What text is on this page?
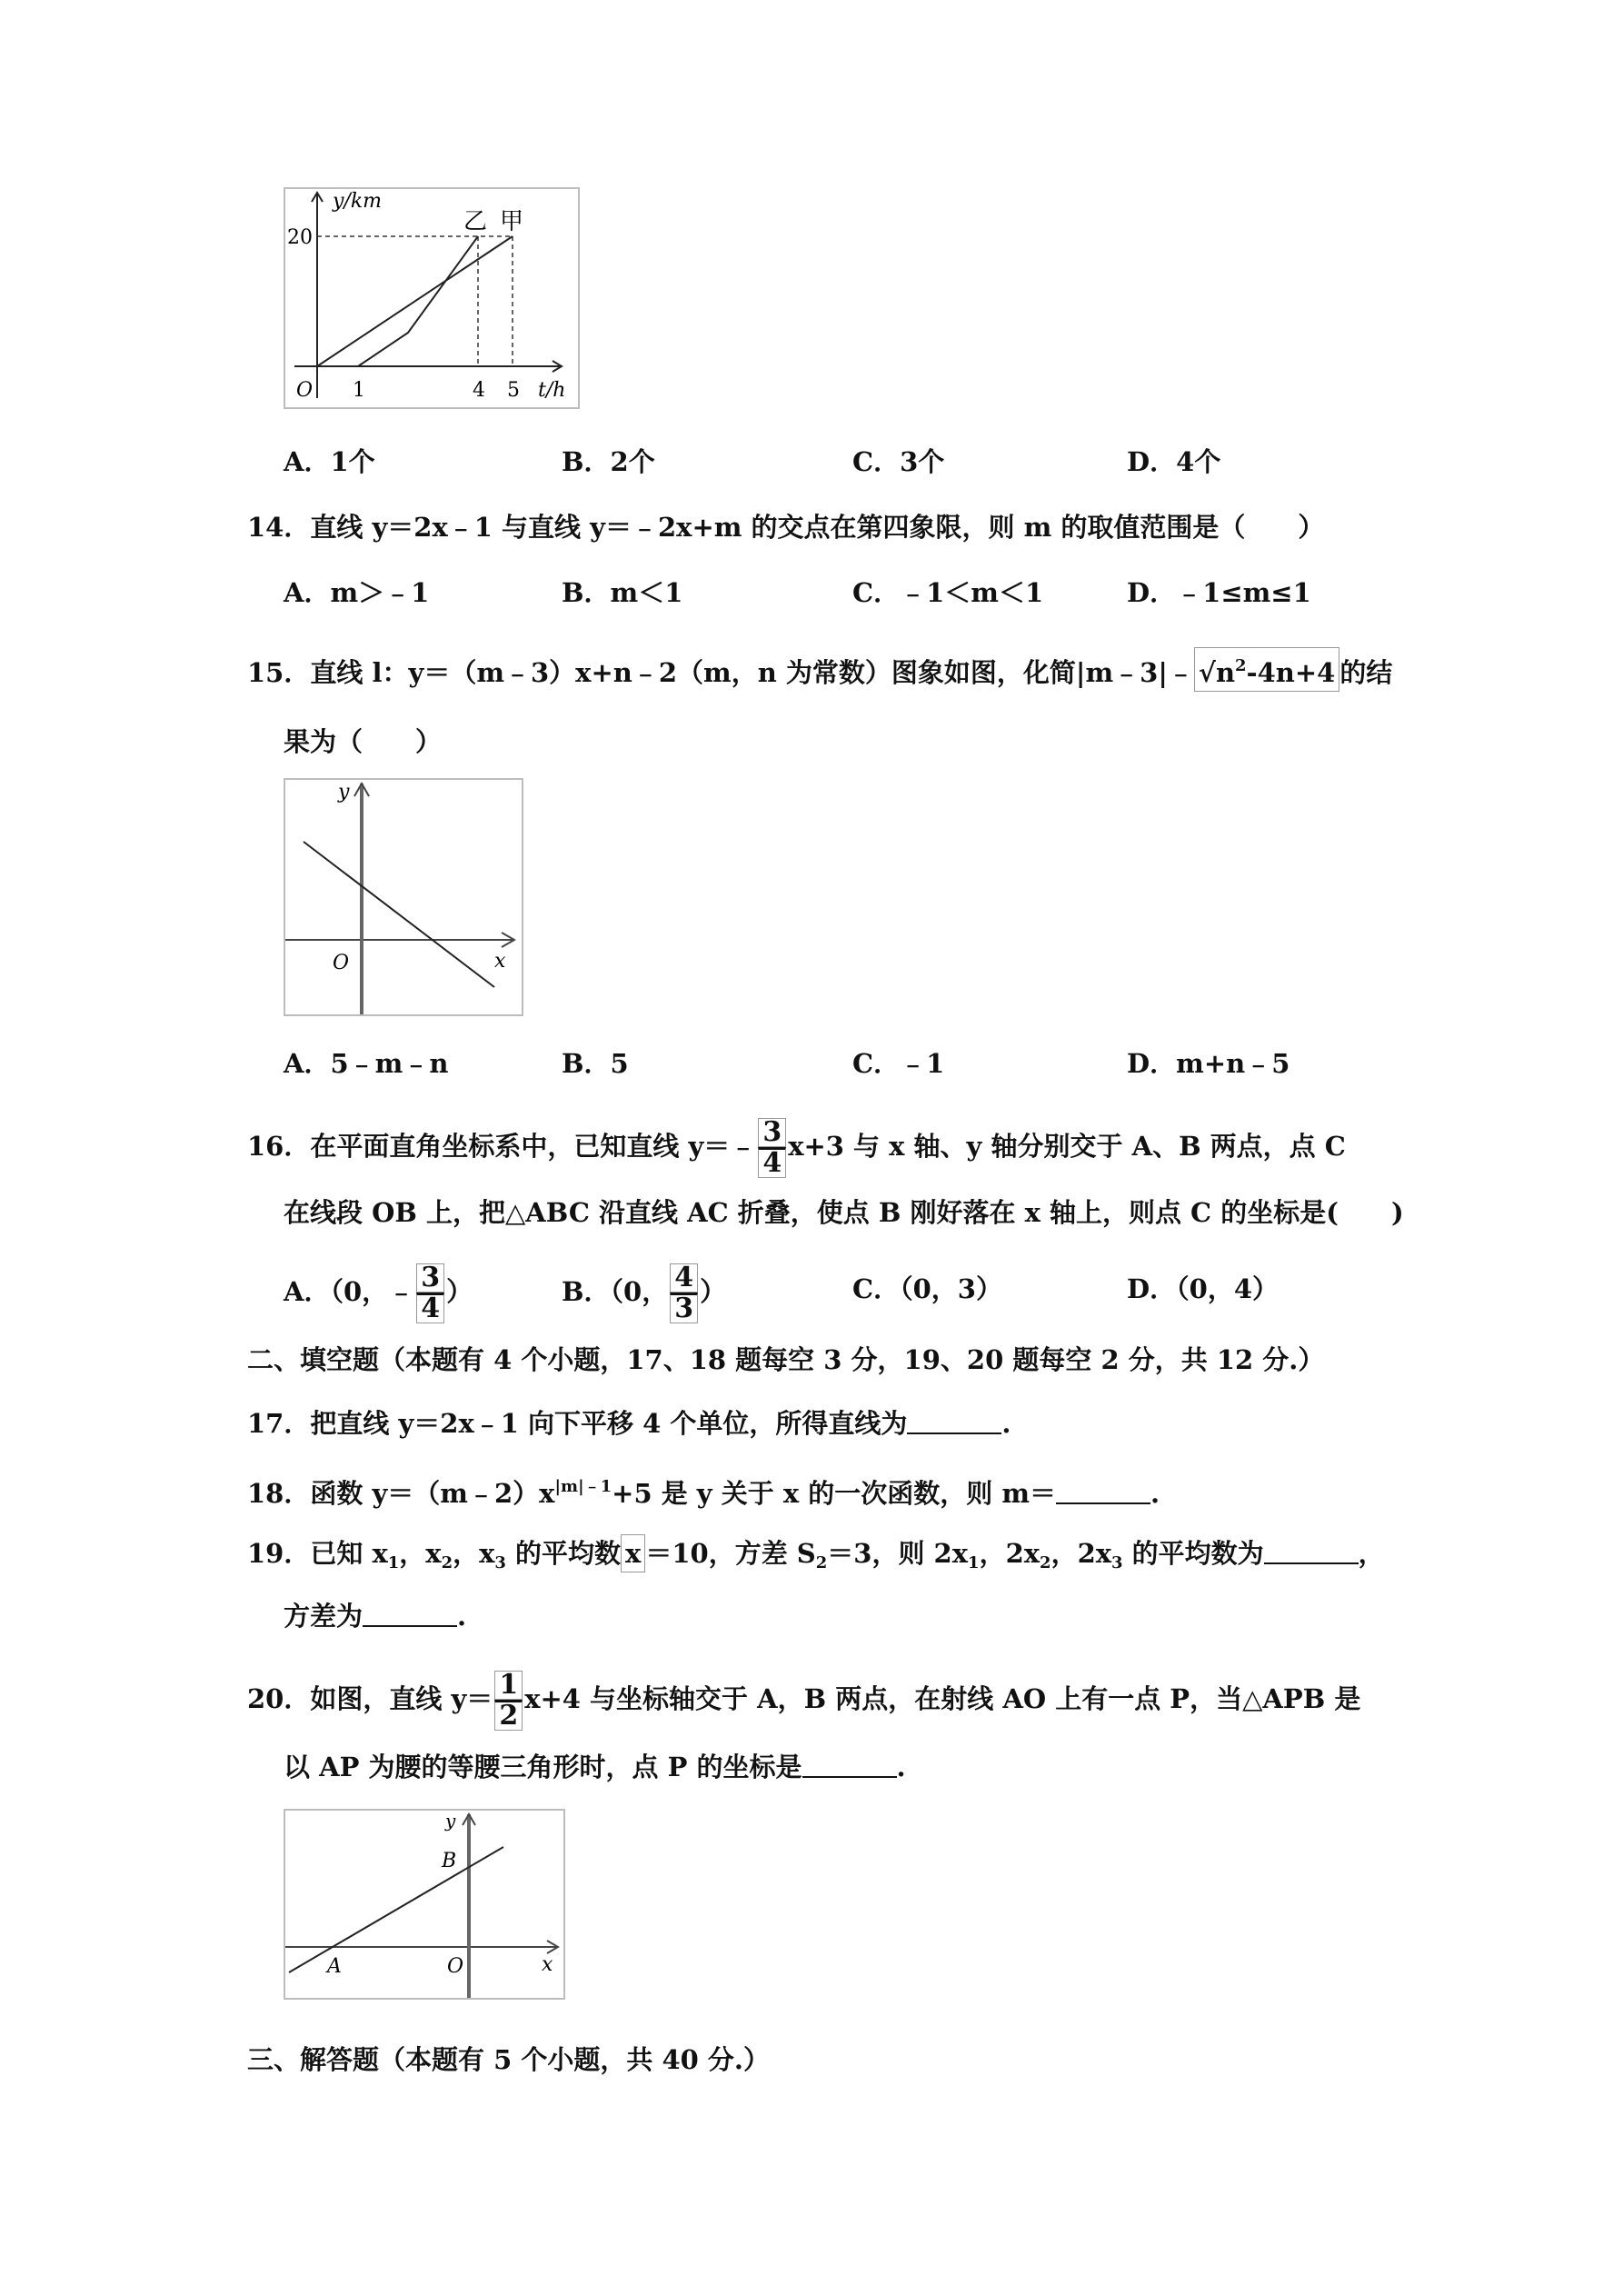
y/km
20
O 1	4 5 t/h
乙 甲
A．1个	B．2个	C．3个	D．4个
14．直线 y＝2x﹣1 与直线 y＝﹣2x+m 的交点在第四象限，则 m 的取值范围是（　　）
A．m＞﹣1	B．m＜1	C．﹣1＜m＜1	D．﹣1≤m≤1
15．直线 l：y＝（m﹣3）x+n﹣2（m，n 为常数）图象如图，化简|m﹣3|﹣ $√n^2-4n+4$ 的结
果为（　　）
y
O	x
A．5﹣m﹣n	B．5	C．﹣1	D．m+n﹣5
16．在平面直角坐标系中，已知直线 y＝﹣ $\frac{3}{4} x+3$ 与 x 轴、y 轴分别交于 A、B 两点，点 C
在线段 OB 上，把△ABC 沿直线 AC 折叠，使点 B 刚好落在 x 轴上，则点 C 的坐标是(　　)
A．（0，﹣ $\frac{3}{4}$ ）	B．（0， $\frac{4}{3}$ ）	C．（0，3）	D．（0，4）
二、填空题（本题有 4 个小题，17、18 题每空 3 分，19、20 题每空 2 分，共 12 分.）
17．把直线 y＝2x﹣1 向下平移 4 个单位，所得直线为	.
18．函数 $y=(m﹣2)x^{|m|﹣1}+5$ 是 y 关于 x 的一次函数，则 m＝	.
19．已知 $x_1$，$x_2$，$x_3$ 的平均数 x ＝10，方差 $S_2=3$，则 $2x_1$，$2x_2$，$2x_3$ 的平均数为	，
方差为	.
20．如图，直线 $y= \frac{1}{2} x+4$ 与坐标轴交于 A，B 两点，在射线 AO 上有一点 P，当△APB 是
以 AP 为腰的等腰三角形时，点 P 的坐标是	.
y
B
A	O	x
三、解答题（本题有 5 个小题，共 40 分.）
